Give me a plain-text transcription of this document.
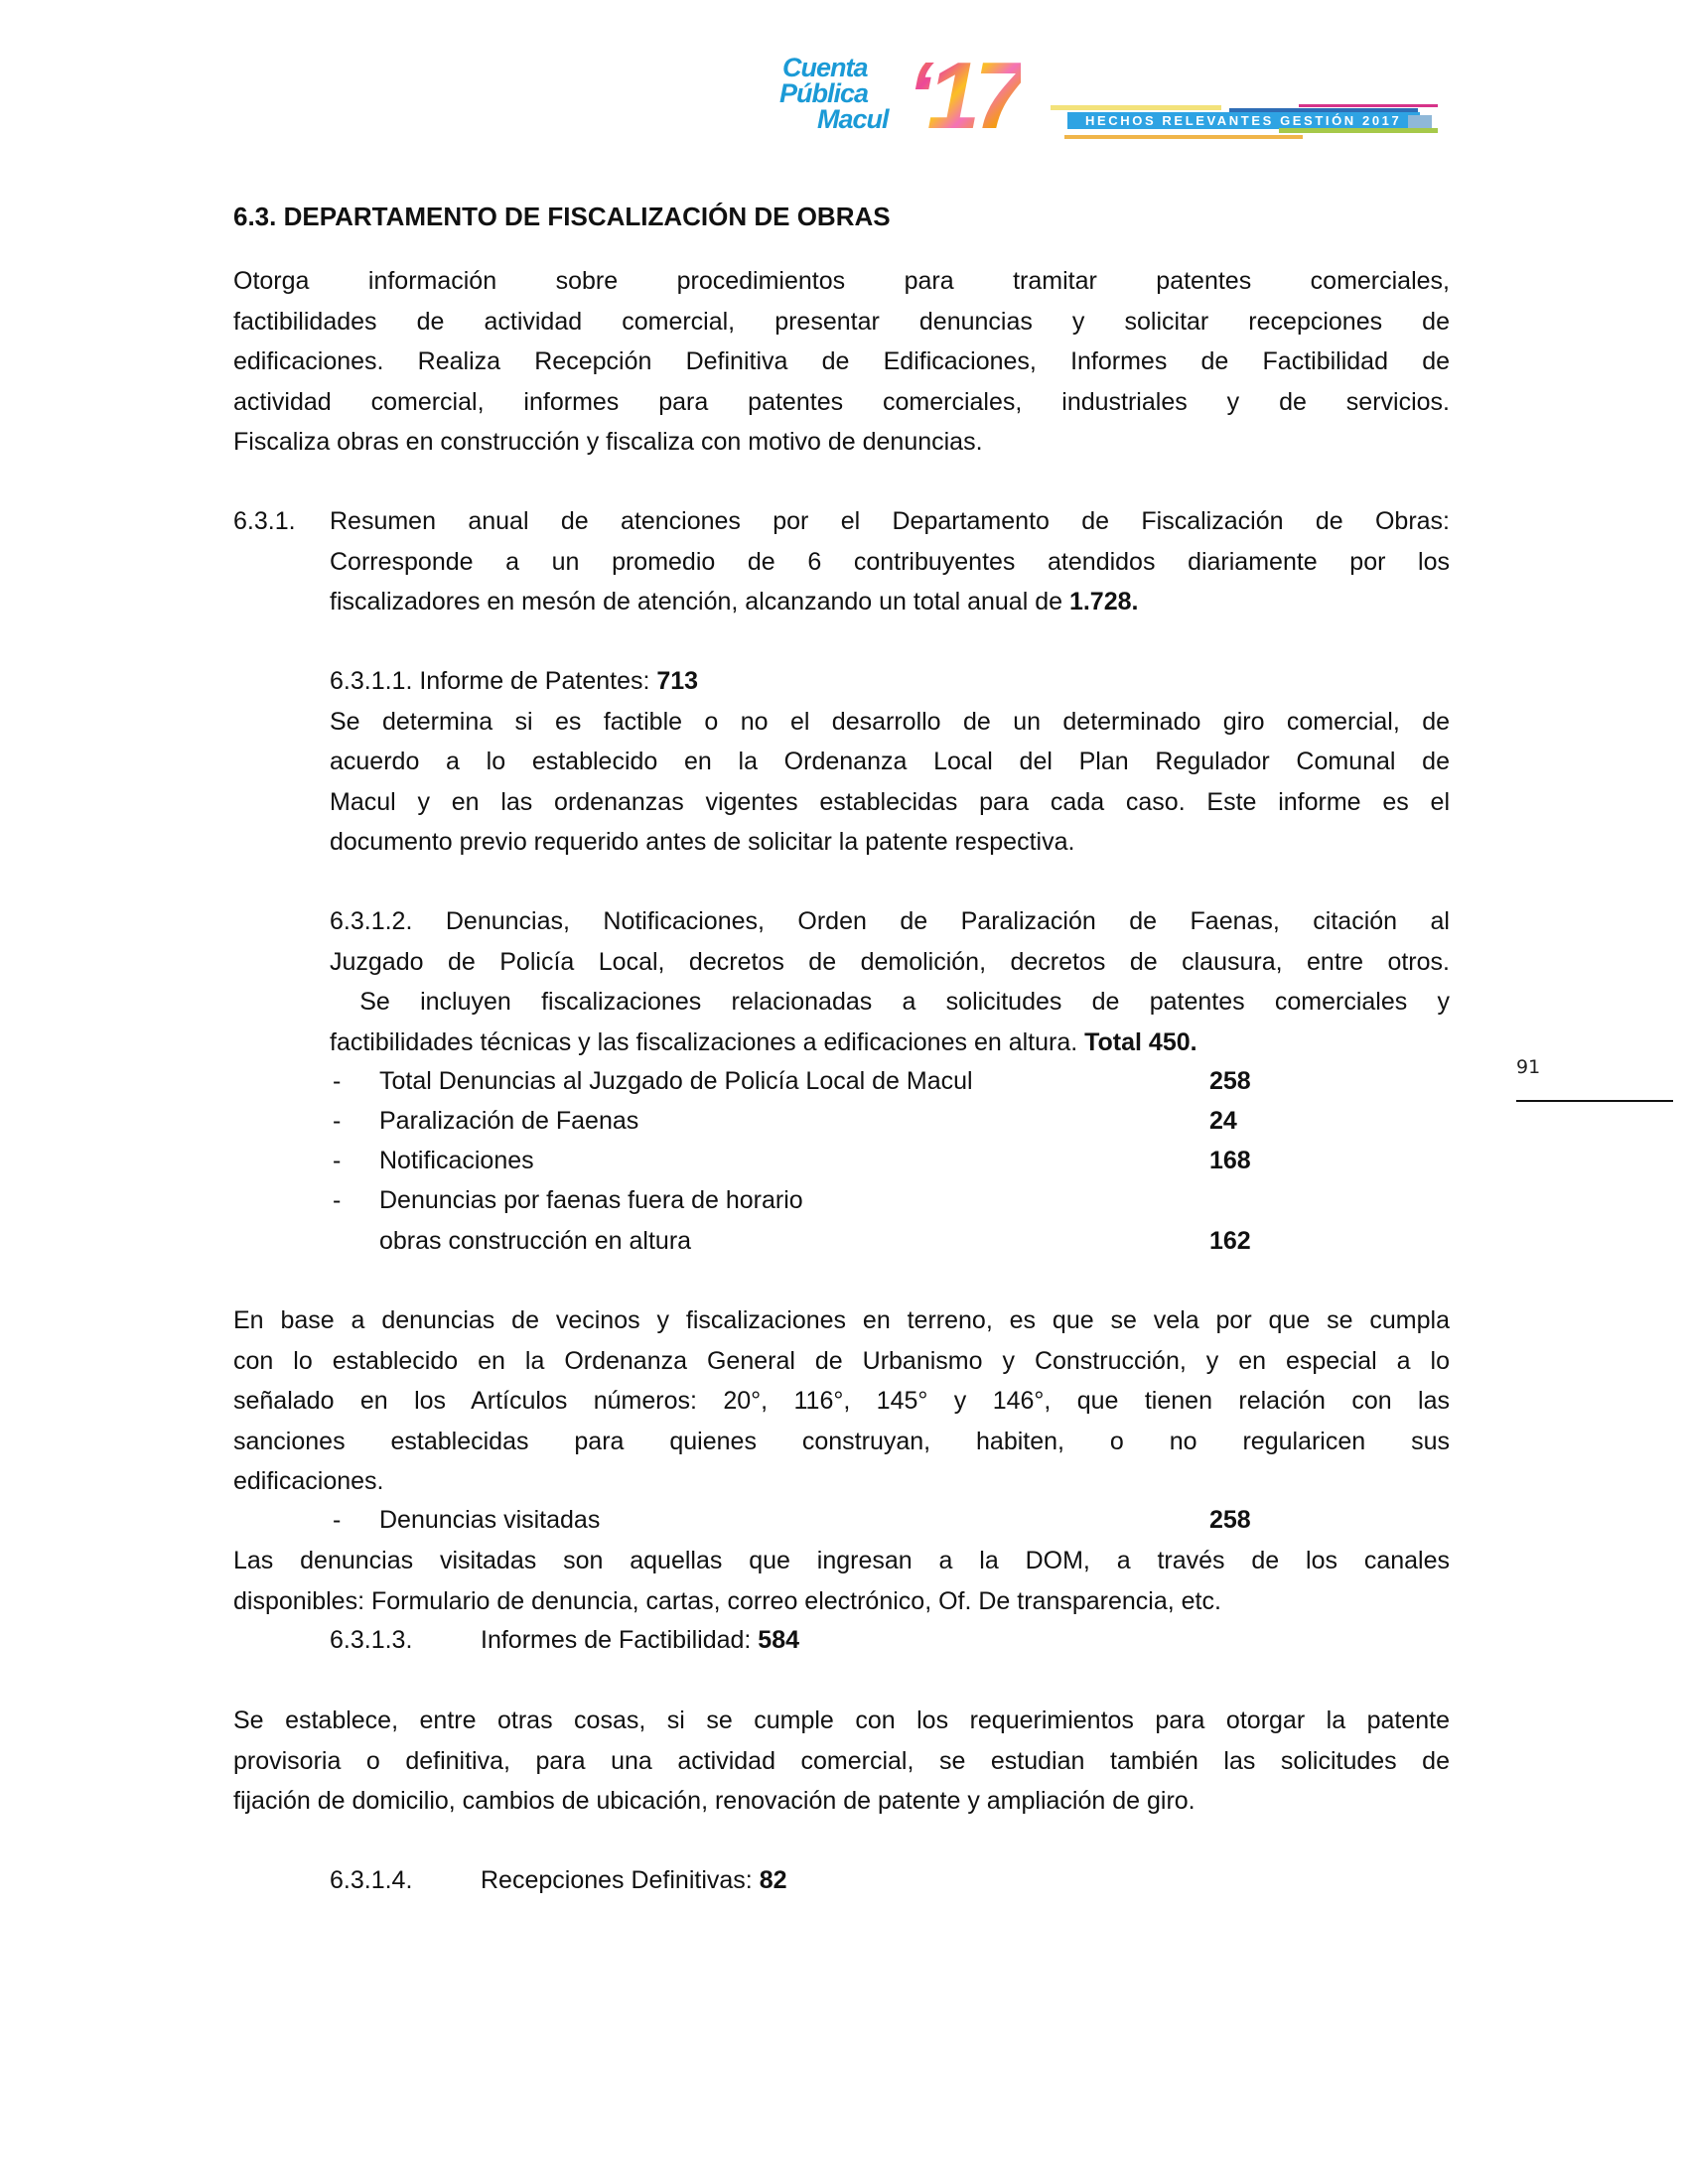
Cuenta
Pública
Macul ‘17	HECHOS RELEVANTES GESTIÓN 2017
6.3. DEPARTAMENTO DE FISCALIZACIÓN DE OBRAS
Otorga información sobre procedimientos para tramitar patentes comerciales,
factibilidades de actividad comercial, presentar denuncias y solicitar recepciones de
edificaciones. Realiza Recepción Definitiva de Edificaciones, Informes de Factibilidad de
actividad comercial, informes para patentes comerciales, industriales y de servicios.
Fiscaliza obras en construcción y fiscaliza con motivo de denuncias.
6.3.1. Resumen anual de atenciones por el Departamento de Fiscalización de Obras:
Corresponde a un promedio de 6 contribuyentes atendidos diariamente por los
fiscalizadores en mesón de atención, alcanzando un total anual de 1.728.
6.3.1.1. Informe de Patentes: 713
Se determina si es factible o no el desarrollo de un determinado giro comercial, de
acuerdo a lo establecido en la Ordenanza Local del Plan Regulador Comunal de
Macul y en las ordenanzas vigentes establecidas para cada caso. Este informe es el
documento previo requerido antes de solicitar la patente respectiva.
6.3.1.2. Denuncias, Notificaciones, Orden de Paralización de Faenas, citación al
Juzgado de Policía Local, decretos de demolición, decretos de clausura, entre otros.
Se incluyen fiscalizaciones relacionadas a solicitudes de patentes comerciales y
factibilidades técnicas y las fiscalizaciones a edificaciones en altura. Total 450.
- Total Denuncias al Juzgado de Policía Local de Macul	258
- Paralización de Faenas	24
- Notificaciones	168
- Denuncias por faenas fuera de horario
obras construcción en altura	162
91
En base a denuncias de vecinos y fiscalizaciones en terreno, es que se vela por que se cumpla
con lo establecido en la Ordenanza General de Urbanismo y Construcción, y en especial a lo
señalado en los Artículos números: 20°, 116°, 145° y 146°, que tienen relación con las
sanciones establecidas para quienes construyan, habiten, o no regularicen sus
edificaciones.
- Denuncias visitadas	258
Las denuncias visitadas son aquellas que ingresan a la DOM, a través de los canales
disponibles: Formulario de denuncia, cartas, correo electrónico, Of. De transparencia, etc.
6.3.1.3.	Informes de Factibilidad: 584
Se establece, entre otras cosas, si se cumple con los requerimientos para otorgar la patente
provisoria o definitiva, para una actividad comercial, se estudian también las solicitudes de
fijación de domicilio, cambios de ubicación, renovación de patente y ampliación de giro.
6.3.1.4.	Recepciones Definitivas: 82
